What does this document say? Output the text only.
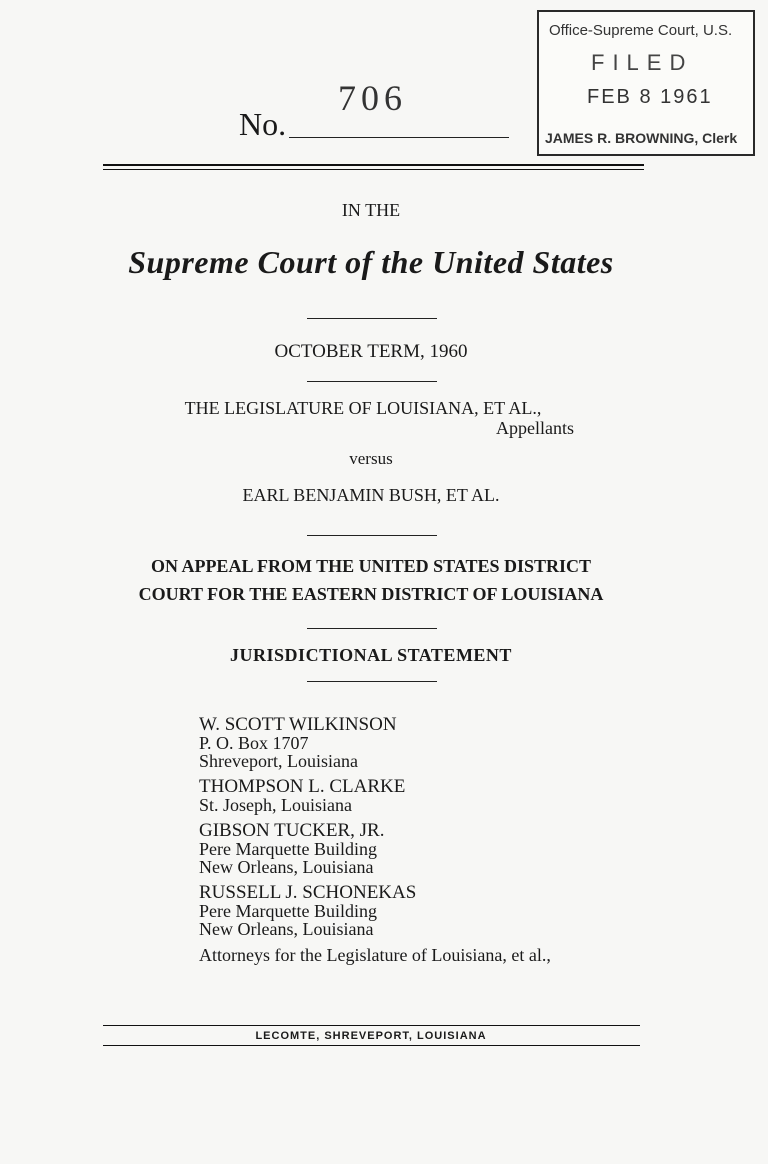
Office-Supreme Court, U.S.
FILED
FEB 8 1961
JAMES R. BROWNING, Clerk
No.
706
IN THE
Supreme Court of the United States
OCTOBER TERM, 1960
THE LEGISLATURE OF LOUISIANA, ET AL.,
Appellants
versus
EARL BENJAMIN BUSH, ET AL.
ON APPEAL FROM THE UNITED STATES DISTRICT
COURT FOR THE EASTERN DISTRICT OF LOUISIANA
JURISDICTIONAL STATEMENT
W. SCOTT WILKINSON
P. O. Box 1707
Shreveport, Louisiana
THOMPSON L. CLARKE
St. Joseph, Louisiana
GIBSON TUCKER, JR.
Pere Marquette Building
New Orleans, Louisiana
RUSSELL J. SCHONEKAS
Pere Marquette Building
New Orleans, Louisiana
Attorneys for the Legislature of Louisiana, et al.,
LECOMTE, SHREVEPORT, LOUISIANA
